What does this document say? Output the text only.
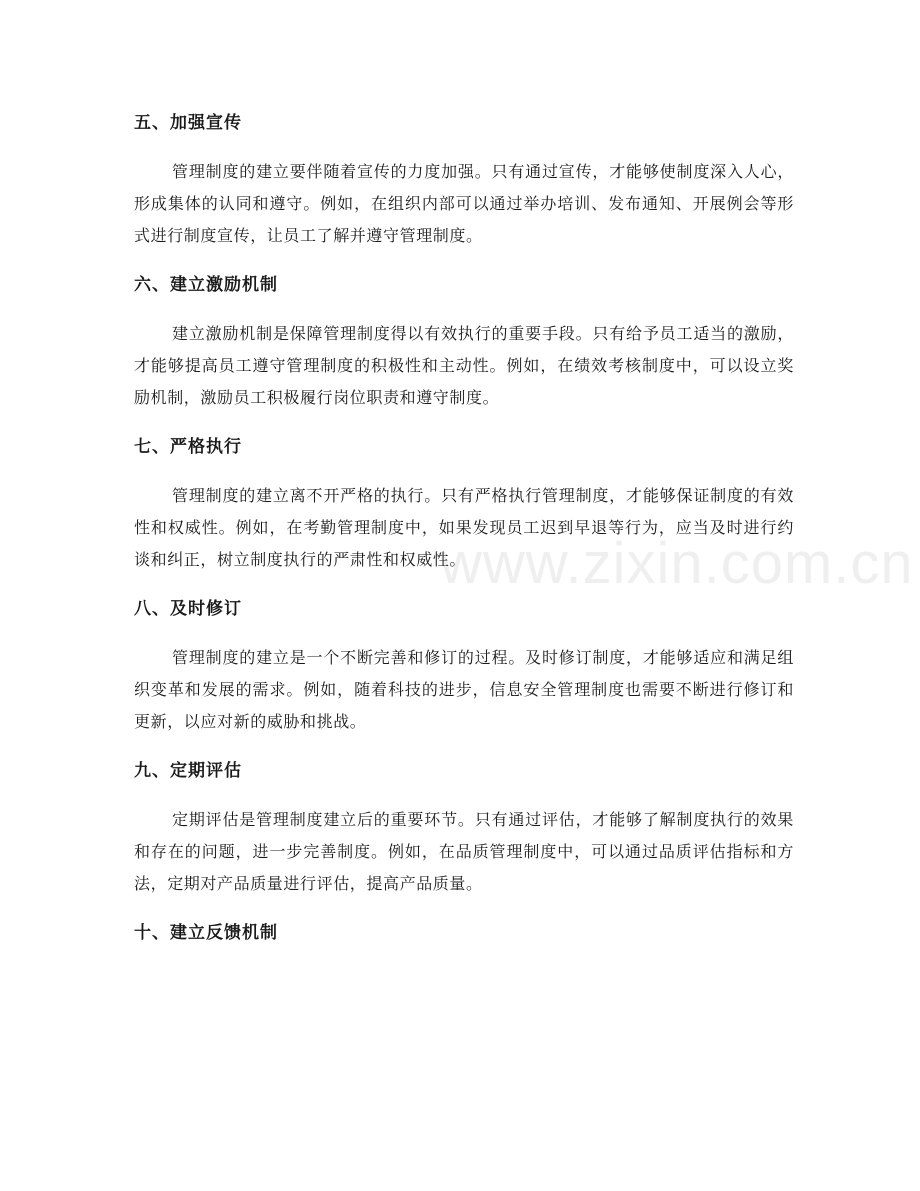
五、加强宣传

管理制度的建立要伴随着宣传的力度加强。只有通过宣传，才能够使制度深入人心，形成集体的认同和遵守。例如，在组织内部可以通过举办培训、发布通知、开展例会等形式进行制度宣传，让员工了解并遵守管理制度。

六、建立激励机制

建立激励机制是保障管理制度得以有效执行的重要手段。只有给予员工适当的激励，才能够提高员工遵守管理制度的积极性和主动性。例如，在绩效考核制度中，可以设立奖励机制，激励员工积极履行岗位职责和遵守制度。

七、严格执行

管理制度的建立离不开严格的执行。只有严格执行管理制度，才能够保证制度的有效性和权威性。例如，在考勤管理制度中，如果发现员工迟到早退等行为，应当及时进行约谈和纠正，树立制度执行的严肃性和权威性。

八、及时修订

管理制度的建立是一个不断完善和修订的过程。及时修订制度，才能够适应和满足组织变革和发展的需求。例如，随着科技的进步，信息安全管理制度也需要不断进行修订和更新，以应对新的威胁和挑战。

九、定期评估

定期评估是管理制度建立后的重要环节。只有通过评估，才能够了解制度执行的效果和存在的问题，进一步完善制度。例如，在品质管理制度中，可以通过品质评估指标和方法，定期对产品质量进行评估，提高产品质量。

十、建立反馈机制
www.zixin.com.cn
